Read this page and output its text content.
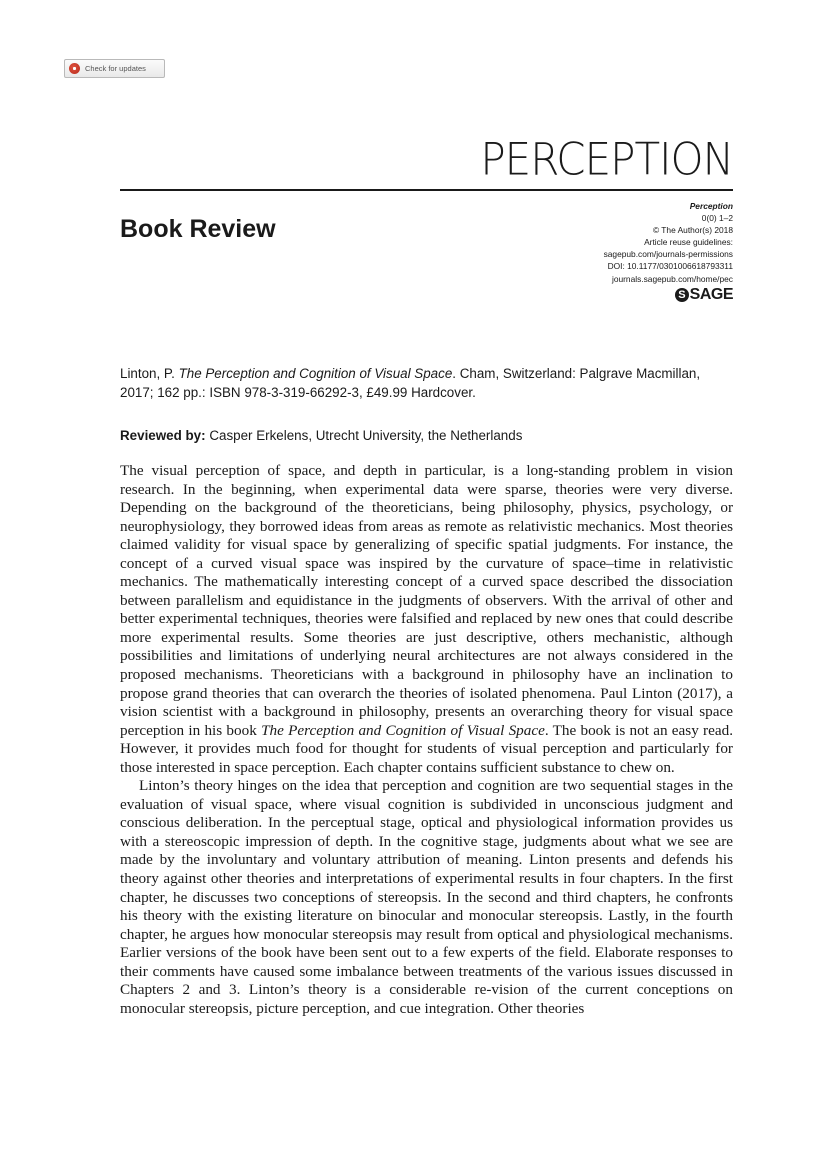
Check for updates
PERCEPTION
Book Review
Perception
0(0) 1–2
© The Author(s) 2018
Article reuse guidelines:
sagepub.com/journals-permissions
DOI: 10.1177/0301006618793311
journals.sagepub.com/home/pec
S SAGE
Linton, P. The Perception and Cognition of Visual Space. Cham, Switzerland: Palgrave Macmillan, 2017; 162 pp.: ISBN 978-3-319-66292-3, £49.99 Hardcover.
Reviewed by: Casper Erkelens, Utrecht University, the Netherlands

The visual perception of space, and depth in particular, is a long-standing problem in vision research. In the beginning, when experimental data were sparse, theories were very diverse. Depending on the background of the theoreticians, being philosophy, physics, psychology, or neurophysiology, they borrowed ideas from areas as remote as relativistic mechanics. Most theories claimed validity for visual space by generalizing of specific spatial judgments. For instance, the concept of a curved visual space was inspired by the curvature of space–time in relativistic mechanics. The mathematically interesting concept of a curved space described the dissociation between parallelism and equidistance in the judgments of observers. With the arrival of other and better experimental techniques, theories were falsified and replaced by new ones that could describe more experimental results. Some theories are just descriptive, others mechanistic, although possibilities and limitations of underlying neural architectures are not always considered in the proposed mechanisms. Theoreticians with a background in philosophy have an inclination to propose grand theories that can overarch the theories of isolated phenomena. Paul Linton (2017), a vision scientist with a background in philosophy, presents an overarching theory for visual space perception in his book The Perception and Cognition of Visual Space. The book is not an easy read. However, it provides much food for thought for students of visual perception and particularly for those interested in space perception. Each chapter contains sufficient substance to chew on.

Linton’s theory hinges on the idea that perception and cognition are two sequential stages in the evaluation of visual space, where visual cognition is subdivided in unconscious judgment and conscious deliberation. In the perceptual stage, optical and physiological information provides us with a stereoscopic impression of depth. In the cognitive stage, judgments about what we see are made by the involuntary and voluntary attribution of meaning. Linton presents and defends his theory against other theories and interpretations of experimental results in four chapters. In the first chapter, he discusses two conceptions of stereopsis. In the second and third chapters, he confronts his theory with the existing literature on binocular and monocular stereopsis. Lastly, in the fourth chapter, he argues how monocular stereopsis may result from optical and physiological mechanisms. Earlier versions of the book have been sent out to a few experts of the field. Elaborate responses to their comments have caused some imbalance between treatments of the various issues discussed in Chapters 2 and 3. Linton’s theory is a considerable re-vision of the current conceptions on monocular stereopsis, picture perception, and cue integration. Other theories
